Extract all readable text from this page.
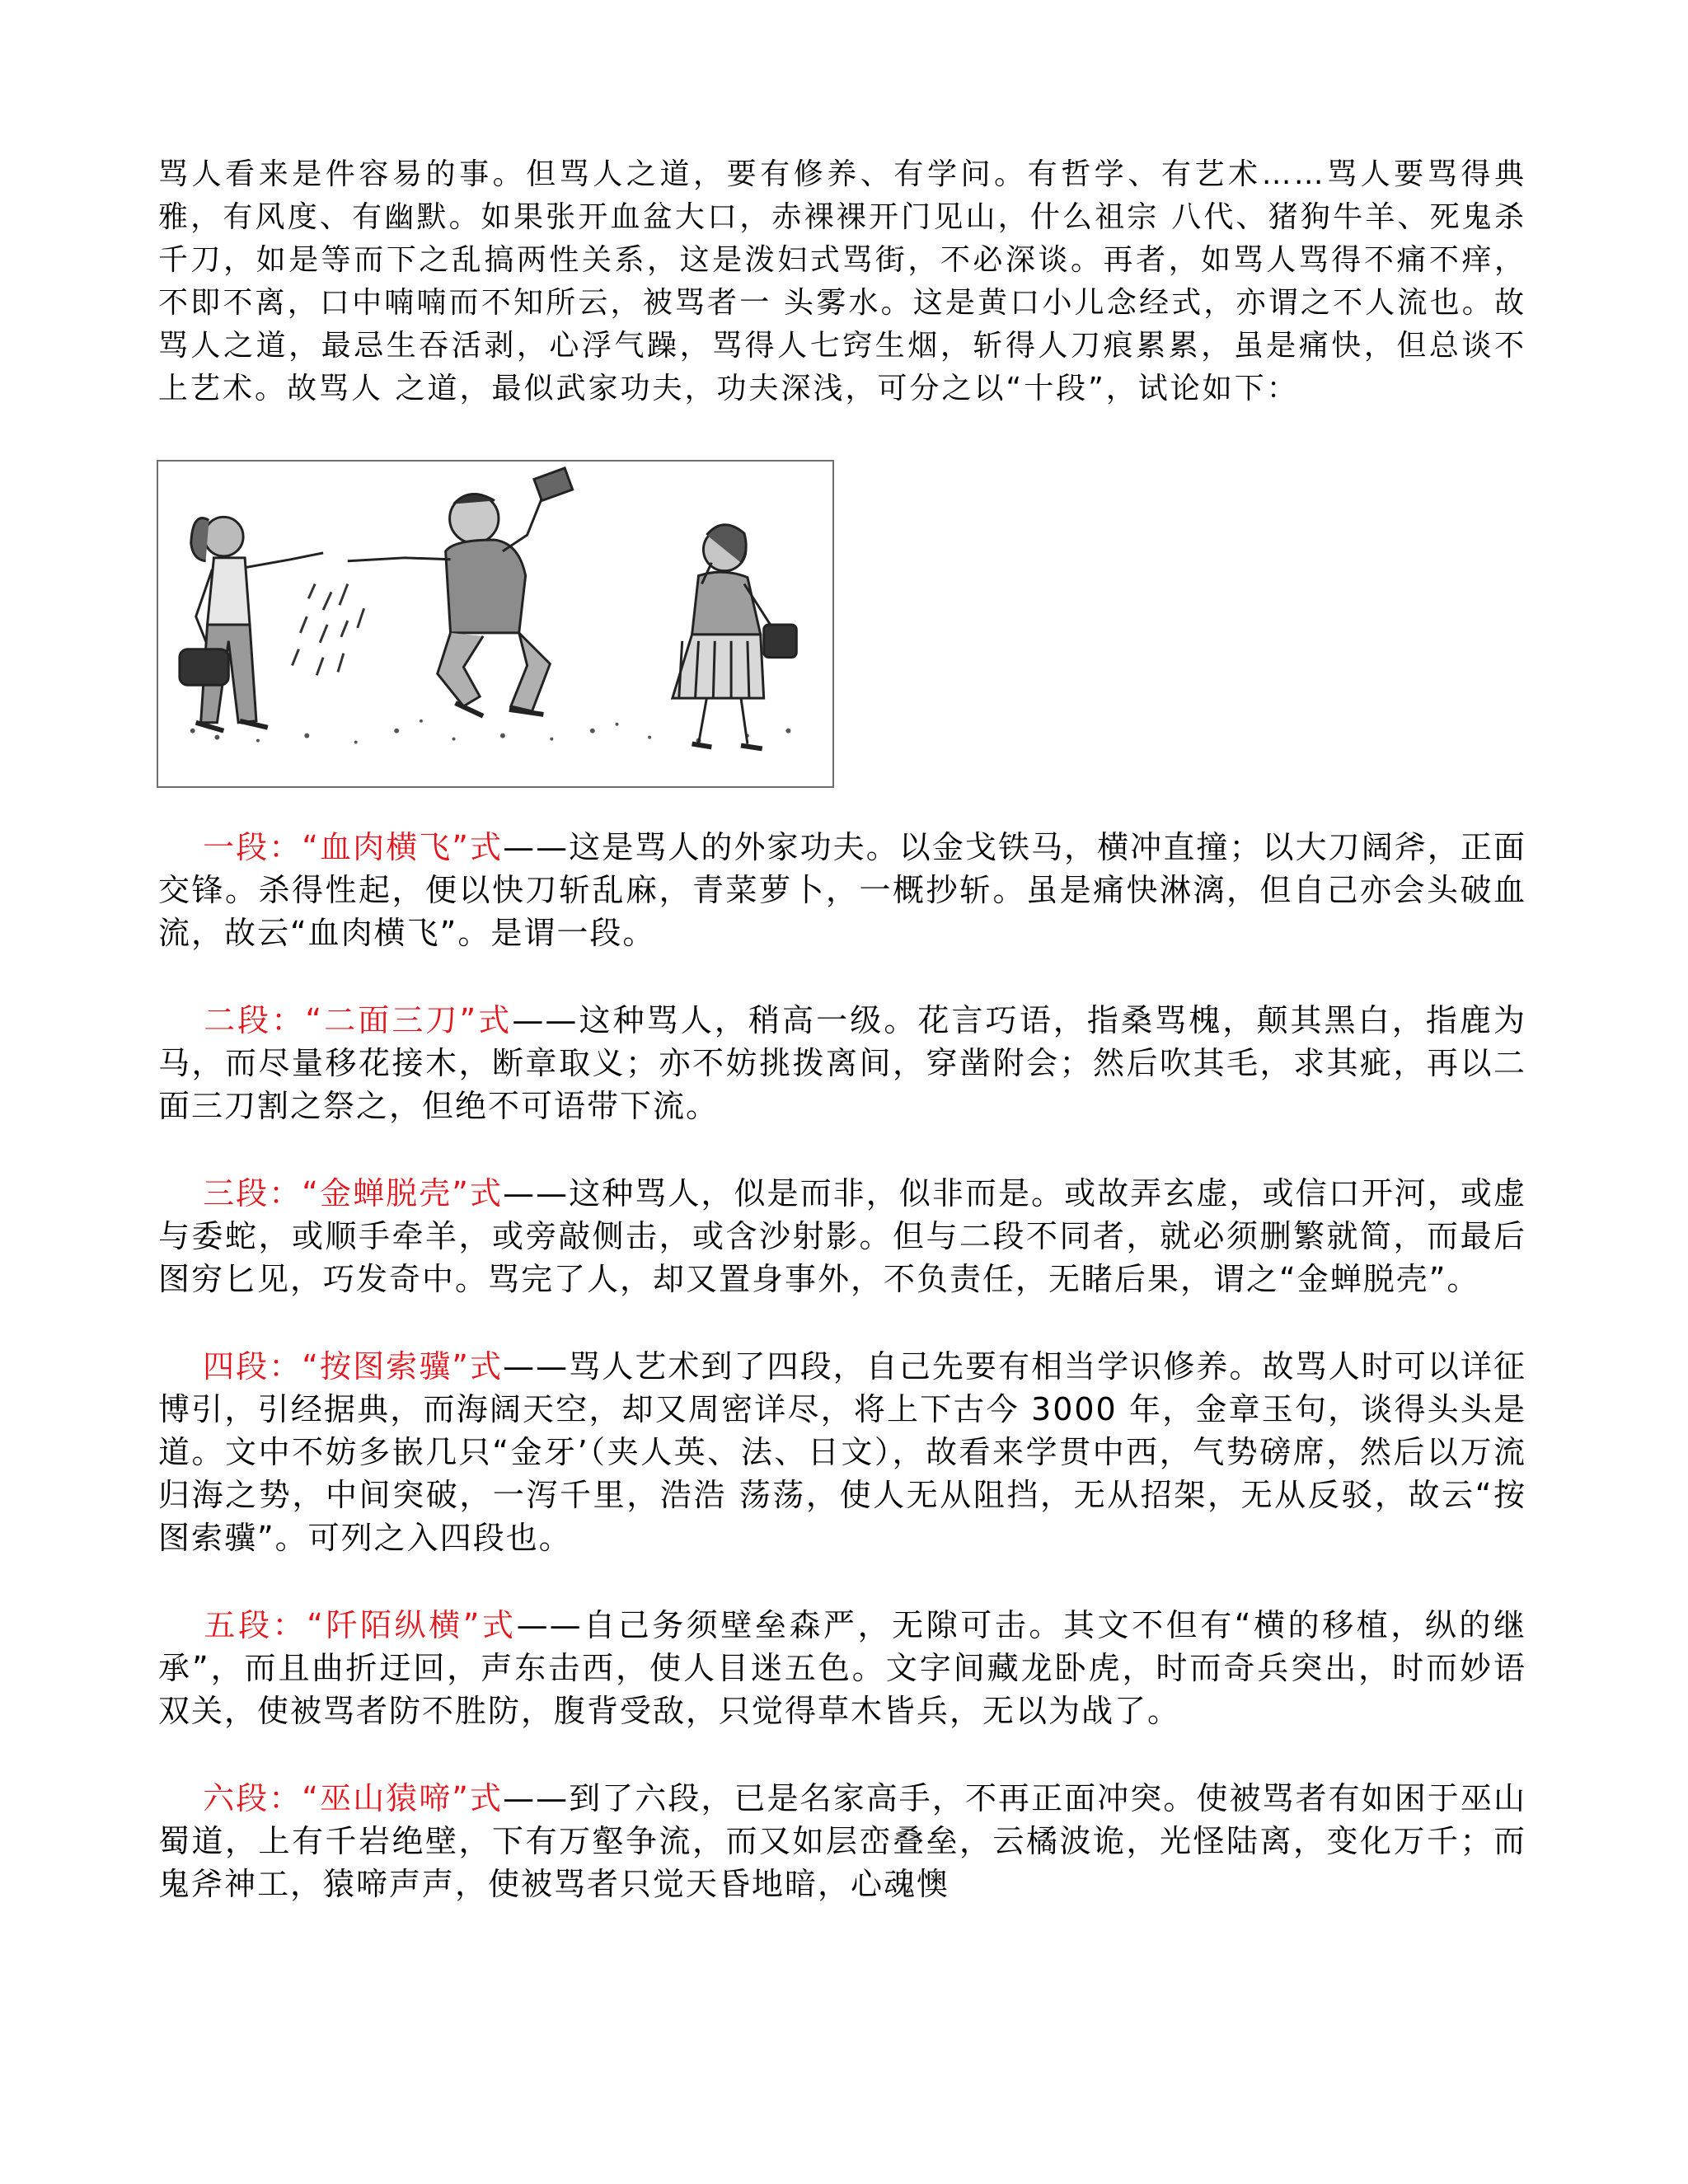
骂人看来是件容易的事。但骂人之道，要有修养、有学问。有哲学、有艺术……骂人要骂得典雅，有风度、有幽默。如果张开血盆大口，赤裸裸开门见山，什么祖宗 八代、猪狗牛羊、死鬼杀千刀，如是等而下之乱搞两性关系，这是泼妇式骂街，不必深谈。再者，如骂人骂得不痛不痒，不即不离，口中喃喃而不知所云，被骂者一 头雾水。这是黄口小儿念经式，亦谓之不人流也。故骂人之道，最忌生吞活剥，心浮气躁，骂得人七窍生烟，斩得人刀痕累累，虽是痛快，但总谈不上艺术。故骂人 之道，最似武家功夫，功夫深浅，可分之以“十段”，试论如下：

一段：“血肉横飞”式——这是骂人的外家功夫。以金戈铁马，横冲直撞；以大刀阔斧，正面交锋。杀得性起，便以快刀斩乱麻，青菜萝卜，一概抄斩。虽是痛快淋漓，但自己亦会头破血流，故云“血肉横飞”。是谓一段。

二段：“二面三刀”式——这种骂人，稍高一级。花言巧语，指桑骂槐，颠其黑白，指鹿为马，而尽量移花接木，断章取义；亦不妨挑拨离间，穿凿附会；然后吹其毛，求其疵，再以二面三刀割之祭之，但绝不可语带下流。

三段：“金蝉脱壳”式——这种骂人，似是而非，似非而是。或故弄玄虚，或信口开河，或虚与委蛇，或顺手牵羊，或旁敲侧击，或含沙射影。但与二段不同者，就必须删繁就简，而最后图穷匕见，巧发奇中。骂完了人，却又置身事外，不负责任，无睹后果，谓之“金蝉脱壳”。

四段：“按图索骥”式——骂人艺术到了四段，自己先要有相当学识修养。故骂人时可以详征博引，引经据典，而海阔天空，却又周密详尽，将上下古今 3000 年，金章玉句，谈得头头是道。文中不妨多嵌几只“金牙’（夹人英、法、日文），故看来学贯中西，气势磅席，然后以万流归海之势，中间突破，一泻千里，浩浩 荡荡，使人无从阻挡，无从招架，无从反驳，故云“按图索骥”。可列之入四段也。

五段：“阡陌纵横”式——自己务须壁垒森严，无隙可击。其文不但有“横的移植，纵的继承”，而且曲折迂回，声东击西，使人目迷五色。文字间藏龙卧虎，时而奇兵突出，时而妙语双关，使被骂者防不胜防，腹背受敌，只觉得草木皆兵，无以为战了。

六段：“巫山猿啼”式——到了六段，已是名家高手，不再正面冲突。使被骂者有如困于巫山蜀道，上有千岩绝壁，下有万壑争流，而又如层峦叠垒，云橘波诡，光怪陆离，变化万千；而鬼斧神工，猿啼声声，使被骂者只觉天昏地暗，心魂懊
